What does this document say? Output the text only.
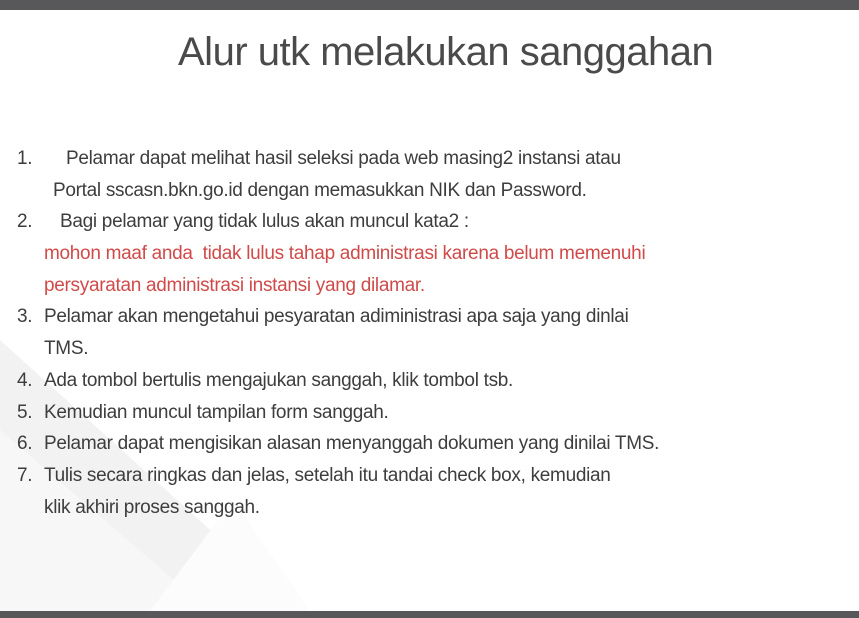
Alur utk melakukan sanggahan
1. Pelamar dapat melihat hasil seleksi pada web masing2 instansi atau
Portal sscasn.bkn.go.id dengan memasukkan NIK dan Password.
2. Bagi pelamar yang tidak lulus akan muncul kata2 :
mohon maaf anda  tidak lulus tahap administrasi karena belum memenuhi
persyaratan administrasi instansi yang dilamar.
3. Pelamar akan mengetahui pesyaratan adiministrasi apa saja yang dinlai
TMS.
4. Ada tombol bertulis mengajukan sanggah, klik tombol tsb.
5. Kemudian muncul tampilan form sanggah.
6. Pelamar dapat mengisikan alasan menyanggah dokumen yang dinilai TMS.
7. Tulis secara ringkas dan jelas, setelah itu tandai check box, kemudian
klik akhiri proses sanggah.
